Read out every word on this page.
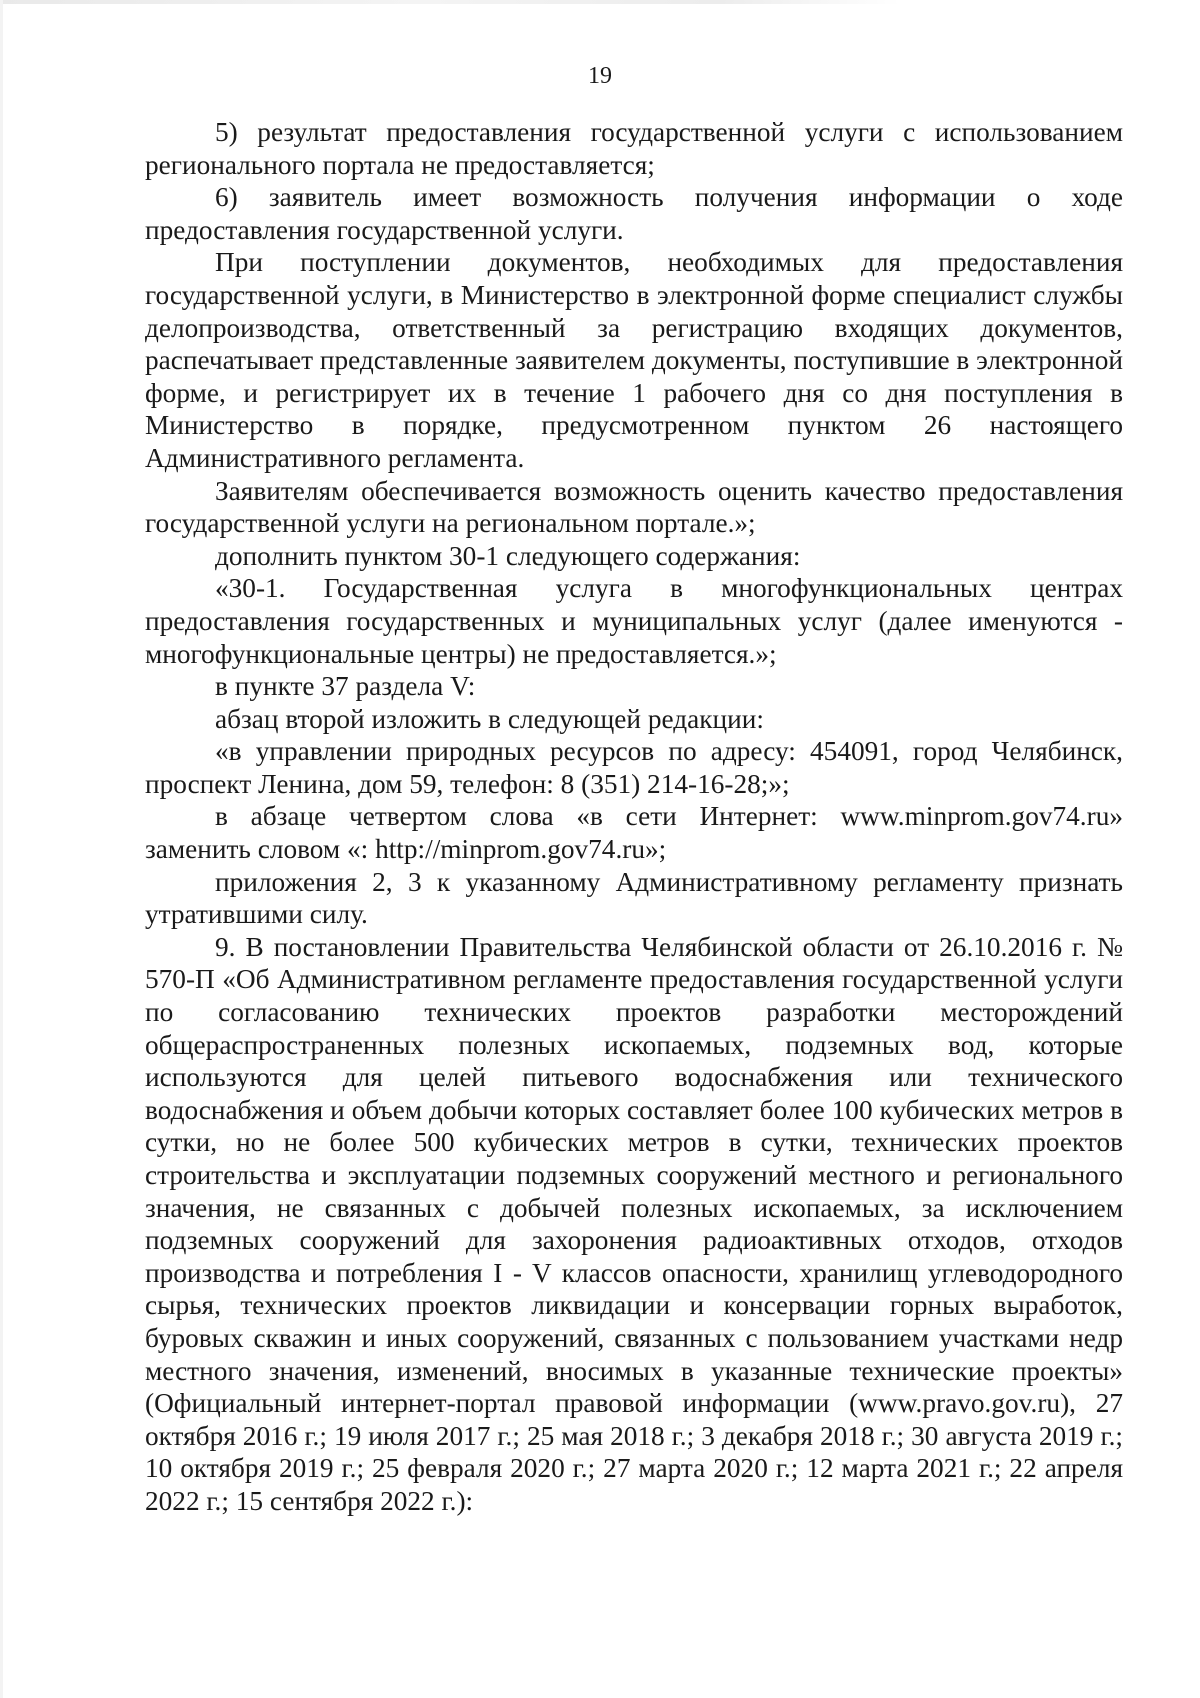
19

5) результат предоставления государственной услуги с использованием регионального портала не предоставляется;

6) заявитель имеет возможность получения информации о ходе предоставления государственной услуги.

При поступлении документов, необходимых для предоставления государственной услуги, в Министерство в электронной форме специалист службы делопроизводства, ответственный за регистрацию входящих документов, распечатывает представленные заявителем документы, поступившие в электронной форме, и регистрирует их в течение 1 рабочего дня со дня поступления в Министерство в порядке, предусмотренном пунктом 26 настоящего Административного регламента.

Заявителям обеспечивается возможность оценить качество предоставления государственной услуги на региональном портале.»;

дополнить пунктом 30-1 следующего содержания:

«30-1. Государственная услуга в многофункциональных центрах предоставления государственных и муниципальных услуг (далее именуются - многофункциональные центры) не предоставляется.»;

в пункте 37 раздела V:

абзац второй изложить в следующей редакции:

«в управлении природных ресурсов по адресу: 454091, город Челябинск, проспект Ленина, дом 59, телефон: 8 (351) 214-16-28;»;

в абзаце четвертом слова «в сети Интернет: www.minprom.gov74.ru» заменить словом «: http://minprom.gov74.ru»;

приложения 2, 3 к указанному Административному регламенту признать утратившими силу.

9. В постановлении Правительства Челябинской области от 26.10.2016 г. № 570-П «Об Административном регламенте предоставления государственной услуги по согласованию технических проектов разработки месторождений общераспространенных полезных ископаемых, подземных вод, которые используются для целей питьевого водоснабжения или технического водоснабжения и объем добычи которых составляет более 100 кубических метров в сутки, но не более 500 кубических метров в сутки, технических проектов строительства и эксплуатации подземных сооружений местного и регионального значения, не связанных с добычей полезных ископаемых, за исключением подземных сооружений для захоронения радиоактивных отходов, отходов производства и потребления I - V классов опасности, хранилищ углеводородного сырья, технических проектов ликвидации и консервации горных выработок, буровых скважин и иных сооружений, связанных с пользованием участками недр местного значения, изменений, вносимых в указанные технические проекты» (Официальный интернет-портал правовой информации (www.pravo.gov.ru), 27 октября 2016 г.; 19 июля 2017 г.; 25 мая 2018 г.; 3 декабря 2018 г.; 30 августа 2019 г.; 10 октября 2019 г.; 25 февраля 2020 г.; 27 марта 2020 г.; 12 марта 2021 г.; 22 апреля 2022 г.; 15 сентября 2022 г.):
